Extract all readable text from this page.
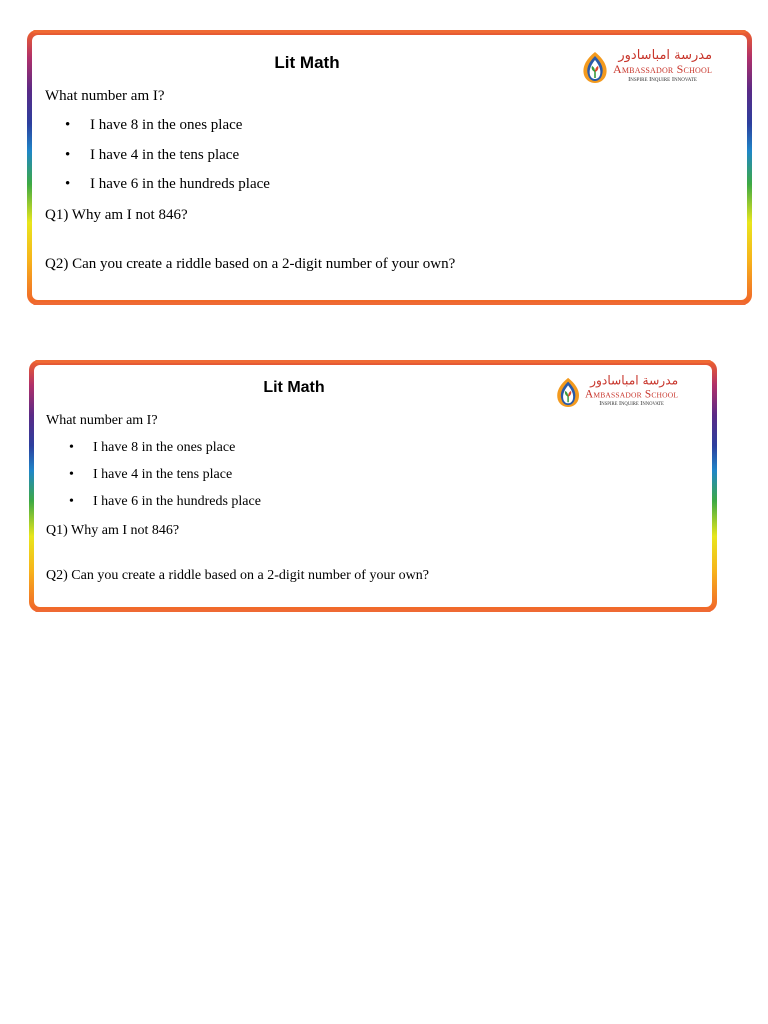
Lit Math	مدرسة امباسادور
Ambassador School
Inspire Inquire Innovate
What number am I?
• I have 8 in the ones place
• I have 4 in the tens place
• I have 6 in the hundreds place
Q1) Why am I not 846?
Q2) Can you create a riddle based on a 2-digit number of your own?
Lit Math	مدرسة امباسادور
Ambassador School
Inspire Inquire Innovate
What number am I?
• I have 8 in the ones place
• I have 4 in the tens place
• I have 6 in the hundreds place
Q1) Why am I not 846?
Q2) Can you create a riddle based on a 2-digit number of your own?
